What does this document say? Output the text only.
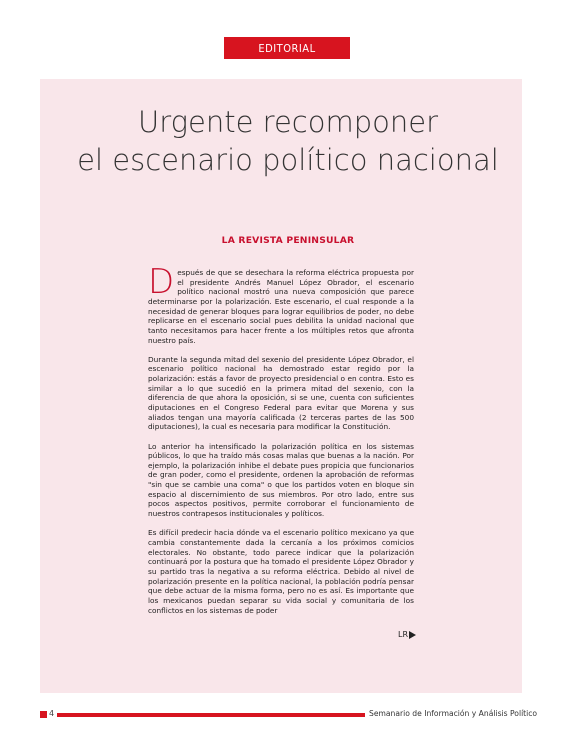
EDITORIAL
Urgente recomponer
el escenario político nacional
LA REVISTA PENINSULAR

Después de que se desechara la reforma eléctrica propuesta por el presidente Andrés Manuel López Obrador, el escenario político nacional mostró una nueva composición que parece determinarse por la polarización. Este escenario, el cual responde a la necesidad de generar bloques para lograr equilibrios de poder, no debe replicarse en el escenario social pues debilita la unidad nacional que tanto necesitamos para hacer frente a los múltiples retos que afronta nuestro país.

Durante la segunda mitad del sexenio del presidente López Obrador, el escenario político nacional ha demostrado estar regido por la polarización: estás a favor de proyecto presidencial o en contra. Esto es similar a lo que sucedió en la primera mitad del sexenio, con la diferencia de que ahora la oposición, si se une, cuenta con suficientes diputaciones en el Congreso Federal para evitar que Morena y sus aliados tengan una mayoría calificada (2 terceras partes de las 500 diputaciones), la cual es necesaria para modificar la Constitución.

Lo anterior ha intensificado la polarización política en los sistemas públicos, lo que ha traído más cosas malas que buenas a la nación. Por ejemplo, la polarización inhibe el debate pues propicia que funcionarios de gran poder, como el presidente, ordenen la aprobación de reformas "sin que se cambie una coma" o que los partidos voten en bloque sin espacio al discernimiento de sus miembros. Por otro lado, entre sus pocos aspectos positivos, permite corroborar el funcionamiento de nuestros contrapesos institucionales y políticos.

Es difícil predecir hacia dónde va el escenario político mexicano ya que cambia constantemente dada la cercanía a los próximos comicios electorales. No obstante, todo parece indicar que la polarización continuará por la postura que ha tomado el presidente López Obrador y su partido tras la negativa a su reforma eléctrica. Debido al nivel de polarización presente en la política nacional, la población podría pensar que debe actuar de la misma forma, pero no es así. Es importante que los mexicanos puedan separar su vida social y comunitaria de los conflictos en los sistemas de poder

LR
4	Semanario de Información y Análisis Político
